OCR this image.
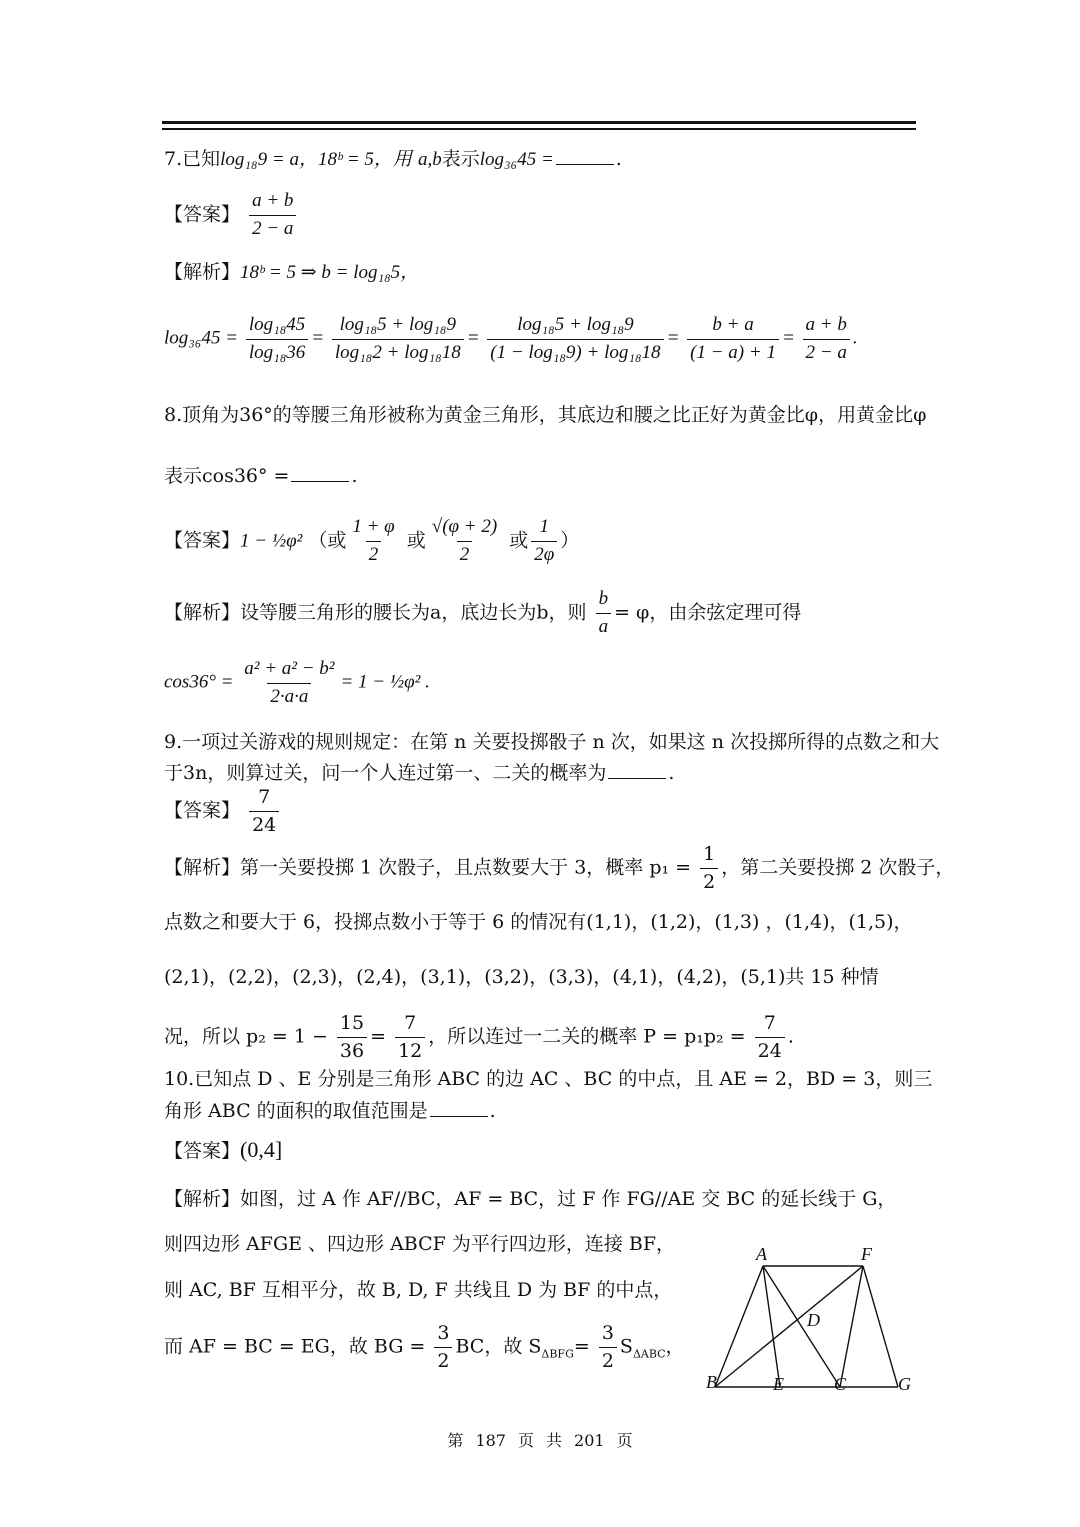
7.已知log₁₈9 = a，18ᵇ = 5，用 a,b表示log₃₆45 =	.
【答案】 $\frac{a + b}{2 - a}$
【解析】18ᵇ = 5 ⇒ b = log₁₈5，
$\log_{36}45 = \frac{\text{log₁₈45}}{\text{log₁₈36}} = \frac{\text{log₁₈5 + log₁₈9}}{\text{log₁₈2 + log₁₈18}} = \frac{\text{log₁₈5 + log₁₈9}}{\text{(1 − log₁₈9) + log₁₈18}} = \frac{b + a}{(1 - a) + 1} = \frac{a + b}{2 - a}$ .
8.顶角为36°的等腰三角形被称为黄金三角形，其底边和腰之比正好为黄金比φ，用黄金比φ
表示cos36° =	.
【答案】1 − ½φ² （或 $\frac{1 + \varphi}{2}$ 或 $\frac{√(\varphi + 2)}{2}$ 或 $\frac{1}{2\varphi}$ ）
【解析】设等腰三角形的腰长为a，底边长为b，则 $\frac{b}{a} = \varphi$，由余弦定理可得
$\cos 36^\circ = \frac{\text{a² + a² − b²}}{2\cdot a\cdot a} = 1$ − ½φ² .
9.一项过关游戏的规则规定：在第 n 关要投掷骰子 n 次，如果这 n 次投掷所得的点数之和大
于3n，则算过关，问一个人连过第一、二关的概率为	.
【答案】 $\frac{7}{24}$
【解析】第一关要投掷 1 次骰子，且点数要大于 3，概率 $p_1 = \frac{1}{2}$ ，第二关要投掷 2 次骰子，
点数之和要大于 6，投掷点数小于等于 6 的情况有(1,1)，(1,2)，(1,3) ，(1,4)，(1,5)，
(2,1)，(2,2)，(2,3)，(2,4)，(3,1)，(3,2)，(3,3)，(4,1)，(4,2)，(5,1)共 15 种情
况，所以 $p_2 = 1 - \frac{15}{36} = \frac{7}{12}$ ，所以连过一二关的概率 $P = p_1p_2 = \frac{7}{24}$ .
10.已知点 D 、E 分别是三角形 ABC 的边 AC 、BC 的中点，且 AE = 2，BD = 3，则三
角形 ABC 的面积的取值范围是	.
【答案】(0,4]
【解析】如图，过 A 作 AF//BC，AF = BC，过 F 作 FG//AE 交 BC 的延长线于 G，
则四边形 AFGE 、四边形 ABCF 为平行四边形，连接 BF，
则 AC, BF 互相平分，故 B, D, F 共线且 D 为 BF 的中点，
而 AF = BC = EG，故 BG = $\frac{3}{2}$ BC，故 $S_{\Delta BFG}= \frac{3}{2} S_{\Delta ABC}$，
A	F
D
B	E	C	G
第 187 页 共 201 页
